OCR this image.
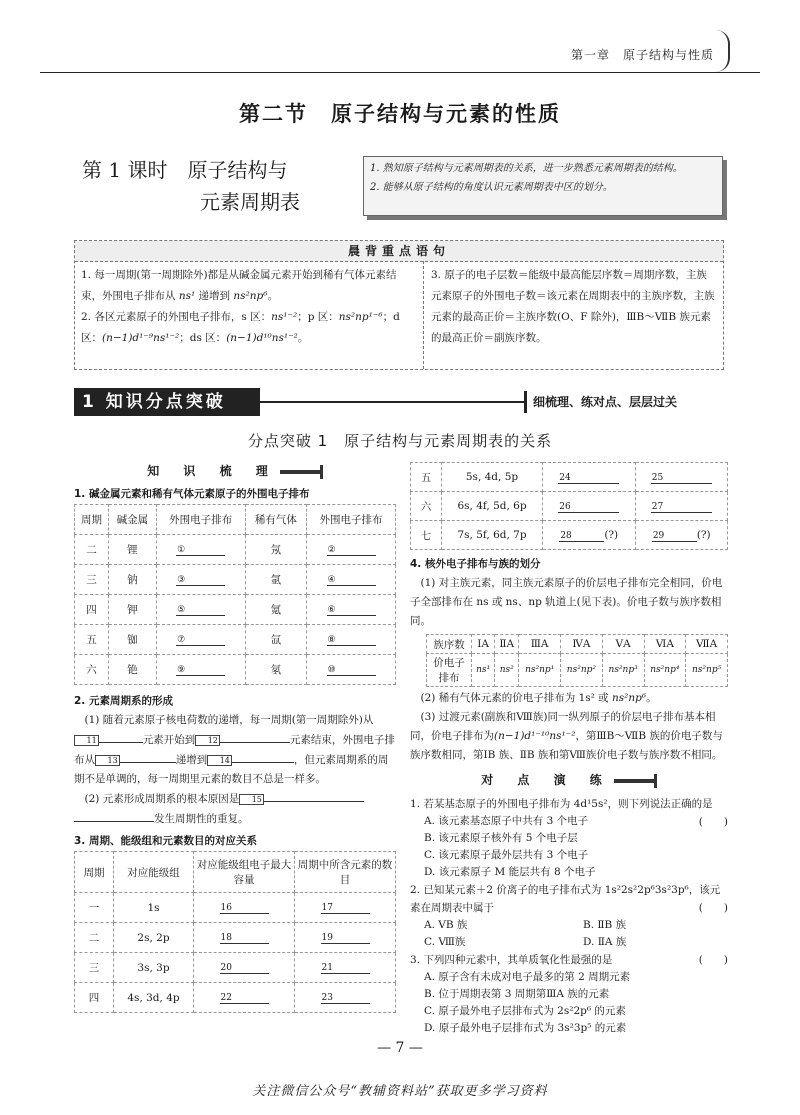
第一章　原子结构与性质
第二节　原子结构与元素的性质
第 1 课时　原子结构与
元素周期表
1. 熟知原子结构与元素周期表的关系，进一步熟悉元素周期表的结构。
2. 能够从原子结构的角度认识元素周期表中区的划分。
晨背重点语句
1. 每一周期(第一周期除外)都是从碱金属元素开始到稀有气体元素结束，外围电子排布从 ns¹ 递增到 ns²np⁶。
2. 各区元素原子的外围电子排布，s 区：ns¹⁻²；p 区：ns²np¹⁻⁶；d 区：(n−1)d¹⁻⁹ns¹⁻²；ds 区：(n−1)d¹⁰ns¹⁻²。
3. 原子的电子层数＝能级中最高能层序数＝周期序数，主族元素原子的外围电子数＝该元素在周期表中的主族序数，主族元素的最高正价＝主族序数(O、F 除外)，ⅢB～ⅦB 族元素的最高正价＝副族序数。
1 知识分点突破	细梳理、练对点、层层过关
分点突破 1　原子结构与元素周期表的关系
知 识 梳 理
1. 碱金属元素和稀有气体元素原子的外围电子排布
周期	碱金属	外围电子排布	稀有气体	外围电子排布
二	锂	①	氖	②
三	钠	③	氩	④
四	钾	⑤	氪	⑥
五	铷	⑦	氙	⑧
六	铯	⑨	氡	⑩
2. 元素周期系的形成
(1) 随着元素原子核电荷数的递增，每一周期(第一周期除外)从11	元素开始到 12	元素结束，外围电子排布从 13	递增到 14	，但元素周期系的周期不是单调的，每一周期里元素的数目不总是一样多。
(2) 元素形成周期系的根本原因是 15
发生周期性的重复。
3. 周期、能级组和元素数目的对应关系
周期	对应能级组	对应能级组电子最大容量	周期中所含元素的数目
一	1s	16	17
二	2s, 2p	18	19
三	3s, 3p	20	21
四	4s, 3d, 4p	22	23
五	5s, 4d, 5p	24	25
六	6s, 4f, 5d, 6p	26	27
七	7s, 5f, 6d, 7p	28 (?)	29 (?)
4. 核外电子排布与族的划分
(1) 对主族元素，同主族元素原子的价层电子排布完全相同，价电子全部排布在 ns 或 ns、np 轨道上(见下表)。价电子数与族序数相同。
族序数	ⅠA	ⅡA	ⅢA	ⅣA	ⅤA	ⅥA	ⅦA
价电子排布	ns¹	ns²	ns²np¹	ns²np²	ns²np³	ns²np⁴	ns²np⁵
(2) 稀有气体元素的价电子排布为 1s² 或 ns²np⁶。
(3) 过渡元素(副族和Ⅷ族)同一纵列原子的价层电子排布基本相同，价电子排布为(n−1)d¹⁻¹⁰ns¹⁻²，第ⅢB～ⅦB 族的价电子数与族序数相同，第ⅠB 族、ⅡB 族和第Ⅷ族价电子数与族序数不相同。
对 点 演 练
1. 若某基态原子的外围电子排布为 4d¹5s²，则下列说法正确的是
(　　)
A. 该元素基态原子中共有 3 个电子
B. 该元素原子核外有 5 个电子层
C. 该元素原子最外层共有 3 个电子
D. 该元素原子 M 能层共有 8 个电子
2. 已知某元素＋2 价离子的电子排布式为 1s²2s²2p⁶3s²3p⁶，该元素在周期表中属于	(　　)
A. ⅤB 族	B. ⅡB 族
C. Ⅷ族	D. ⅡA 族
3. 下列四种元素中，其单质氧化性最强的是	(　　)
A. 原子含有未成对电子最多的第 2 周期元素
B. 位于周期表第 3 周期第ⅢA 族的元素
C. 原子最外电子层排布式为 2s²2p⁶ 的元素
D. 原子最外电子层排布式为 3s²3p⁵ 的元素
— 7 —
关注微信公众号“教辅资料站”获取更多学习资料
